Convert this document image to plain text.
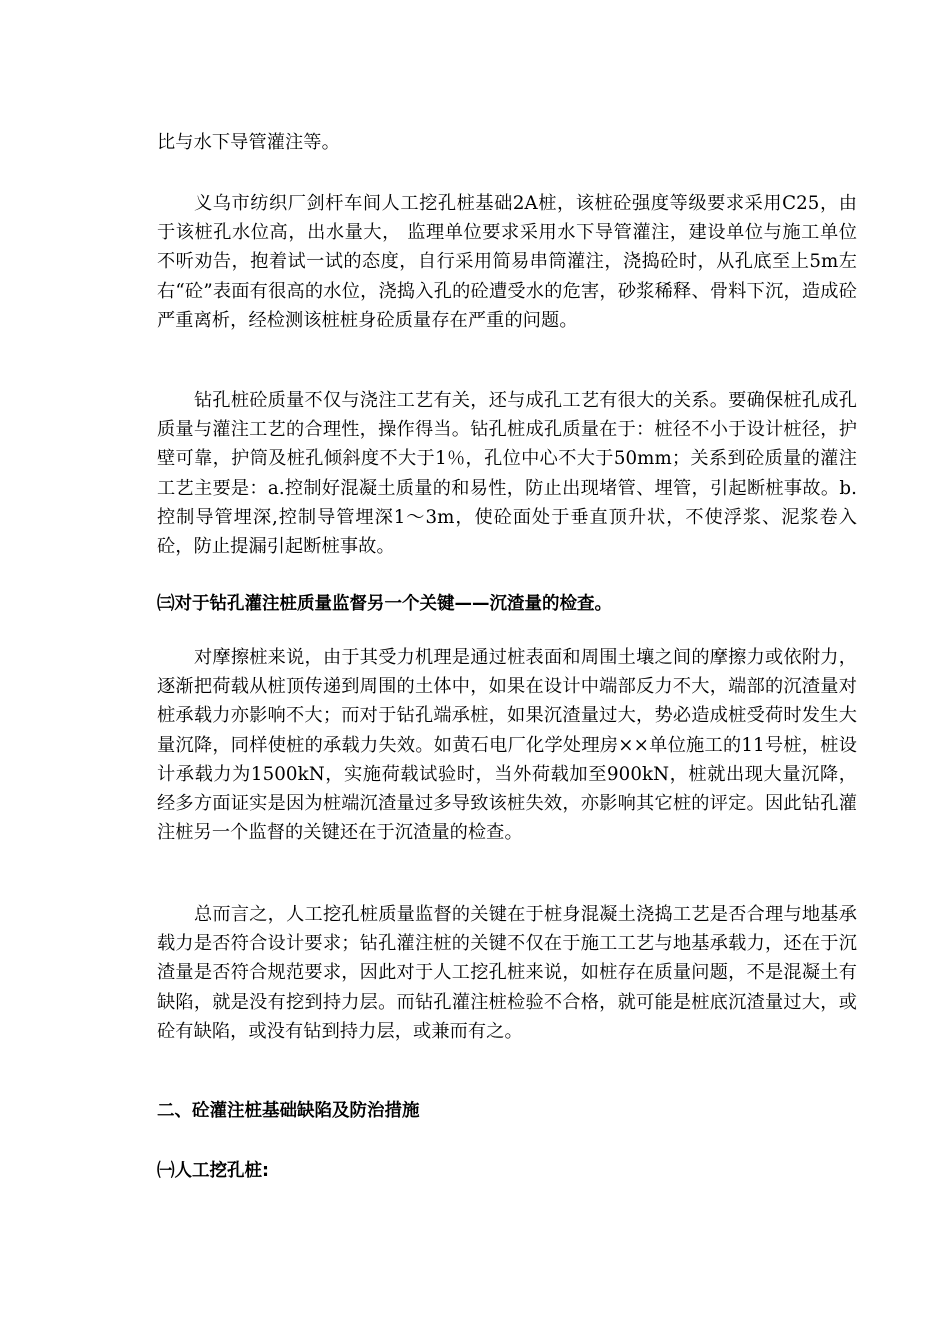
比与水下导管灌注等。

义乌市纺织厂剑杆车间人工挖孔桩基础2A桩，该桩砼强度等级要求采用C25，由于该桩孔水位高，出水量大， 监理单位要求采用水下导管灌注，建设单位与施工单位不听劝告，抱着试一试的态度，自行采用简易串筒灌注，浇捣砼时，从孔底至上5m左右“砼”表面有很高的水位，浇捣入孔的砼遭受水的危害，砂浆稀释、骨料下沉，造成砼严重离析，经检测该桩桩身砼质量存在严重的问题。

钻孔桩砼质量不仅与浇注工艺有关，还与成孔工艺有很大的关系。要确保桩孔成孔质量与灌注工艺的合理性，操作得当。钻孔桩成孔质量在于：桩径不小于设计桩径，护壁可靠，护筒及桩孔倾斜度不大于1％，孔位中心不大于50mm；关系到砼质量的灌注工艺主要是：a.控制好混凝土质量的和易性，防止出现堵管、埋管，引起断桩事故。b.控制导管埋深,控制导管埋深1～3m，使砼面处于垂直顶升状，不使浮浆、泥浆卷入砼，防止提漏引起断桩事故。

㈢对于钻孔灌注桩质量监督另一个关键——沉渣量的检查。

对摩擦桩来说，由于其受力机理是通过桩表面和周围土壤之间的摩擦力或依附力，逐渐把荷载从桩顶传递到周围的土体中，如果在设计中端部反力不大，端部的沉渣量对桩承载力亦影响不大；而对于钻孔端承桩，如果沉渣量过大，势必造成桩受荷时发生大量沉降，同样使桩的承载力失效。如黄石电厂化学处理房××单位施工的11号桩，桩设计承载力为1500kN，实施荷载试验时，当外荷载加至900kN，桩就出现大量沉降，经多方面证实是因为桩端沉渣量过多导致该桩失效，亦影响其它桩的评定。因此钻孔灌注桩另一个监督的关键还在于沉渣量的检查。

总而言之，人工挖孔桩质量监督的关键在于桩身混凝土浇捣工艺是否合理与地基承载力是否符合设计要求；钻孔灌注桩的关键不仅在于施工工艺与地基承载力，还在于沉渣量是否符合规范要求，因此对于人工挖孔桩来说，如桩存在质量问题，不是混凝土有缺陷，就是没有挖到持力层。而钻孔灌注桩检验不合格，就可能是桩底沉渣量过大，或砼有缺陷，或没有钻到持力层，或兼而有之。

二、砼灌注桩基础缺陷及防治措施

㈠人工挖孔桩:
